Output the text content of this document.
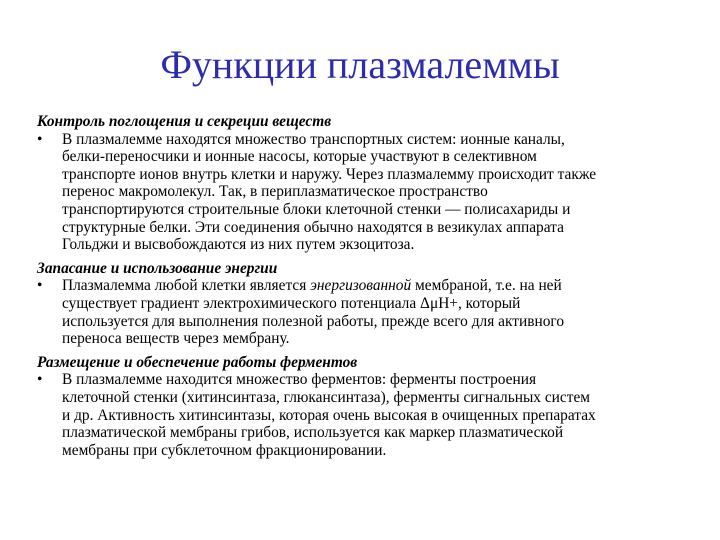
Функции плазмалеммы

Контроль поглощения и секреции веществ

• В плазмалемме находятся множество транспортных систем: ионные каналы,
белки-переносчики и ионные насосы, которые участвуют в селективном
транспорте ионов внутрь клетки и наружу. Через плазмалемму происходит также
перенос макромолекул. Так, в периплазматическое пространство
транспортируются строительные блоки клеточной стенки — полисахариды и
структурные белки. Эти соединения обычно находятся в везикулах аппарата
Гольджи и высвобождаются из них путем экзоцитоза.

Запасание и использование энергии

• Плазмалемма любой клетки является энергизованной мембраной, т.е. на ней
существует градиент электрохимического потенциала ΔμH+, который
используется для выполнения полезной работы, прежде всего для активного
переноса веществ через мембрану.

Размещение и обеспечение работы ферментов

• В плазмалемме находится множество ферментов: ферменты построения
клеточной стенки (хитинсинтаза, глюкансинтаза), ферменты сигнальных систем
и др. Активность хитинсинтазы, которая очень высокая в очищенных препаратах
плазматической мембраны грибов, используется как маркер плазматической
мембраны при субклеточном фракционировании.
